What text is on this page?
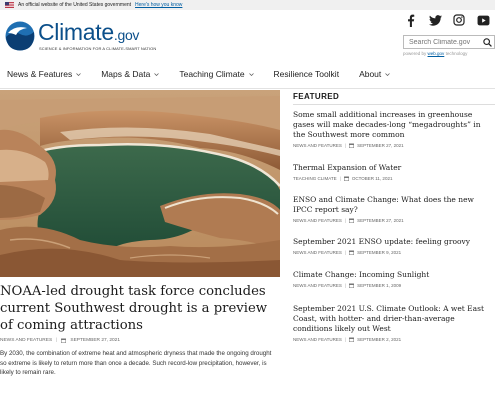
An official website of the United States government Here's how you know
Climate.gov
SCIENCE & INFORMATION FOR A CLIMATE-SMART NATION
Search Climate.gov
powered by web.gov technology
News & Features	Maps & Data	Teaching Climate	Resilience Toolkit About
NOAA-led drought task force concludes current Southwest drought is a preview of coming attractions
NEWS AND FEATURES |	SEPTEMBER 27, 2021
By 2030, the combination of extreme heat and atmospheric dryness that made the ongoing drought so extreme is likely to return more than once a decade. Such record-low precipitation, however, is likely to remain rare.
FEATURED
Some small additional increases in greenhouse gases will make decades-long “megadroughts” in the Southwest more common
NEWS AND FEATURES | SEPTEMBER 27, 2021
Thermal Expansion of Water
TEACHING CLIMATE | OCTOBER 11, 2021
ENSO and Climate Change: What does the new IPCC report say?
NEWS AND FEATURES | SEPTEMBER 27, 2021
September 2021 ENSO update: feeling groovy
NEWS AND FEATURES | SEPTEMBER 9, 2021
Climate Change: Incoming Sunlight
NEWS AND FEATURES | SEPTEMBER 1, 2009
September 2021 U.S. Climate Outlook: A wet East Coast, with hotter- and drier-than-average conditions likely out West
NEWS AND FEATURES | SEPTEMBER 2, 2021
